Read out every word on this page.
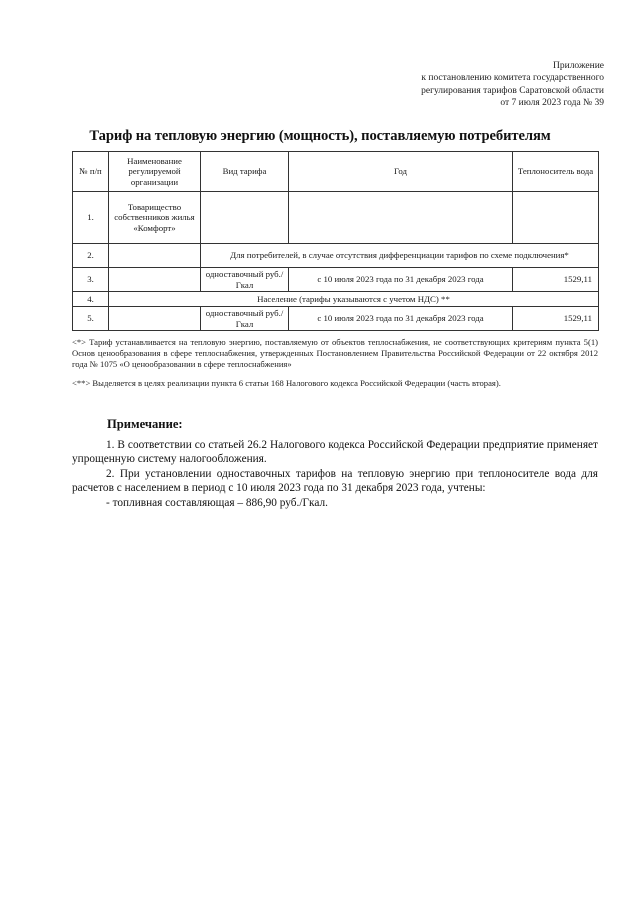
Приложение
к постановлению комитета государственного
регулирования тарифов Саратовской области
от 7 июля 2023 года № 39
Тариф на тепловую энергию (мощность), поставляемую потребителям
№ п/п	Наименование регулируемой организации	Вид тарифа	Год	Теплоноситель вода
1.	Товарищество собственников жилья «Комфорт»			
2.		Для потребителей, в случае отсутствия дифференциации тарифов по схеме подключения*		
3.		одноставочный руб./Гкал	с 10 июля 2023 года по 31 декабря 2023 года	1529,11
4.	Население (тарифы указываются с учетом НДС) **			
5.		одноставочный руб./Гкал	с 10 июля 2023 года по 31 декабря 2023 года	1529,11

<*> Тариф устанавливается на тепловую энергию, поставляемую от объектов теплоснабжения, не соответствующих критериям пункта 5(1) Основ ценообразования в сфере теплоснабжения, утвержденных Постановлением Правительства Российской Федерации от 22 октября 2012 года № 1075 «О ценообразовании в сфере теплоснабжения»

<**> Выделяется в целях реализации пункта 6 статьи 168 Налогового кодекса Российской Федерации (часть вторая).

Примечание:

1. В соответствии со статьей 26.2 Налогового кодекса Российской Федерации предприятие применяет упрощенную систему налогообложения.

2. При установлении одноставочных тарифов на тепловую энергию при теплоносителе вода для расчетов с населением в период с 10 июля 2023 года по 31 декабря 2023 года, учтены:

- топливная составляющая – 886,90 руб./Гкал.
